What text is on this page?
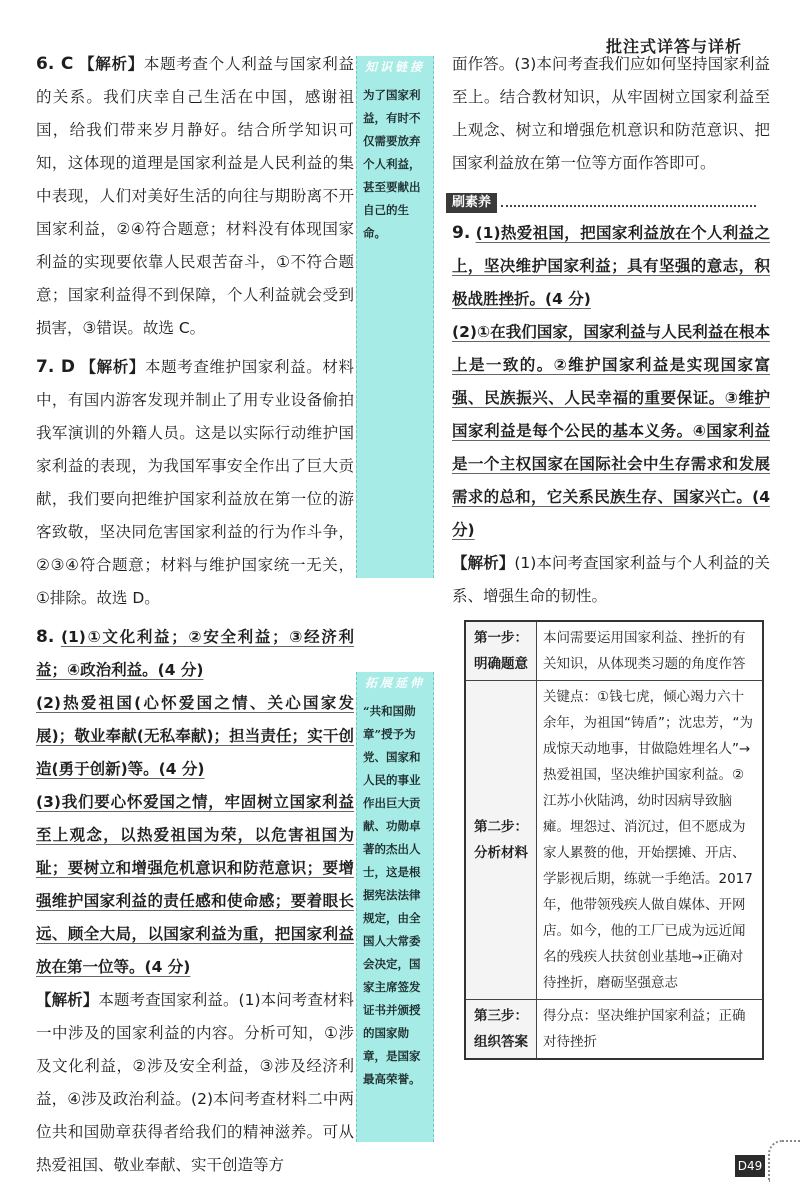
批注式详答与详析

6. C 【解析】本题考查个人利益与国家利益的关系。我们庆幸自己生活在中国，感谢祖国，给我们带来岁月静好。结合所学知识可知，这体现的道理是国家利益是人民利益的集中表现，人们对美好生活的向往与期盼离不开国家利益，②④符合题意；材料没有体现国家利益的实现要依靠人民艰苦奋斗，①不符合题意；国家利益得不到保障，个人利益就会受到损害，③错误。故选 C。

7. D 【解析】本题考查维护国家利益。材料中，有国内游客发现并制止了用专业设备偷拍我军演训的外籍人员。这是以实际行动维护国家利益的表现，为我国军事安全作出了巨大贡献，我们要向把维护国家利益放在第一位的游客致敬，坚决同危害国家利益的行为作斗争，②③④符合题意；材料与维护国家统一无关，①排除。故选 D。

8. (1)①文化利益；②安全利益；③经济利益；④政治利益。(4 分)

(2)热爱祖国(心怀爱国之情、关心国家发展)；敬业奉献(无私奉献)；担当责任；实干创造(勇于创新)等。(4 分)

(3)我们要心怀爱国之情，牢固树立国家利益至上观念，以热爱祖国为荣，以危害祖国为耻；要树立和增强危机意识和防范意识；要增强维护国家利益的责任感和使命感；要着眼长远、顾全大局，以国家利益为重，把国家利益放在第一位等。(4 分)

【解析】本题考查国家利益。(1)本问考查材料一中涉及的国家利益的内容。分析可知，①涉及文化利益，②涉及安全利益，③涉及经济利益，④涉及政治利益。(2)本问考查材料二中两位共和国勋章获得者给我们的精神滋养。可从热爱祖国、敬业奉献、实干创造等方

知识链接
为了国家利益，有时不仅需要放弃个人利益，甚至要献出自己的生命。
拓展延伸
“共和国勋章”授予为党、国家和人民的事业作出巨大贡献、功勋卓著的杰出人士，这是根据宪法法律规定，由全国人大常委会决定，国家主席签发证书并颁授的国家勋章，是国家最高荣誉。

面作答。(3)本问考查我们应如何坚持国家利益至上。结合教材知识，从牢固树立国家利益至上观念、树立和增强危机意识和防范意识、把国家利益放在第一位等方面作答即可。

刷素养

9. (1)热爱祖国，把国家利益放在个人利益之上，坚决维护国家利益；具有坚强的意志，积极战胜挫折。(4 分)

(2)①在我们国家，国家利益与人民利益在根本上是一致的。②维护国家利益是实现国家富强、民族振兴、人民幸福的重要保证。③维护国家利益是每个公民的基本义务。④国家利益是一个主权国家在国际社会中生存需求和发展需求的总和，它关系民族生存、国家兴亡。(4 分)

【解析】(1)本问考查国家利益与个人利益的关系、增强生命的韧性。

第一步：明确题意	本问需要运用国家利益、挫折的有关知识，从体现类习题的角度作答
第二步：分析材料	关键点：①钱七虎，倾心竭力六十余年，为祖国“铸盾”；沈忠芳，“为成惊天动地事，甘做隐姓埋名人”→热爱祖国，坚决维护国家利益。②江苏小伙陆鸿，幼时因病导致脑瘫。埋怨过、消沉过，但不愿成为家人累赘的他，开始摆摊、开店、学影视后期，练就一手绝活。2017 年，他带领残疾人做自媒体、开网店。如今，他的工厂已成为远近闻名的残疾人扶贫创业基地→正确对待挫折，磨砺坚强意志
第三步：组织答案	得分点：坚决维护国家利益；正确对待挫折
D49
